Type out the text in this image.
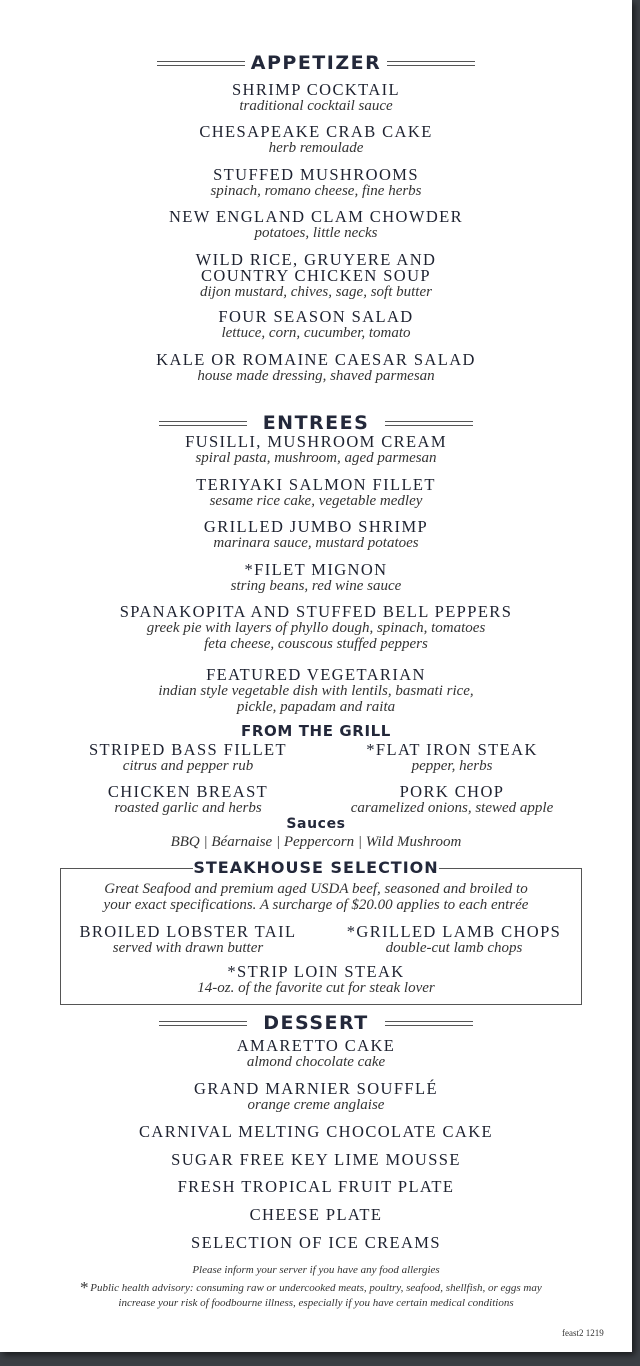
APPETIZER
SHRIMP COCKTAIL
traditional cocktail sauce
CHESAPEAKE CRAB CAKE
herb remoulade
STUFFED MUSHROOMS
spinach, romano cheese, fine herbs
NEW ENGLAND CLAM CHOWDER
potatoes, little necks
WILD RICE, GRUYERE AND
COUNTRY CHICKEN SOUP
dijon mustard, chives, sage, soft butter
FOUR SEASON SALAD
lettuce, corn, cucumber, tomato
KALE OR ROMAINE CAESAR SALAD
house made dressing, shaved parmesan
ENTREES
FUSILLI, MUSHROOM CREAM
spiral pasta, mushroom, aged parmesan
TERIYAKI SALMON FILLET
sesame rice cake, vegetable medley
GRILLED JUMBO SHRIMP
marinara sauce, mustard potatoes
*FILET MIGNON
string beans, red wine sauce
SPANAKOPITA AND STUFFED BELL PEPPERS
greek pie with layers of phyllo dough, spinach, tomatoes
feta cheese, couscous stuffed peppers
FEATURED VEGETARIAN
indian style vegetable dish with lentils, basmati rice,
pickle, papadam and raita
FROM THE GRILL
STRIPED BASS FILLET
citrus and pepper rub
*FLAT IRON STEAK
pepper, herbs
CHICKEN BREAST
roasted garlic and herbs
PORK CHOP
caramelized onions, stewed apple
Sauces
BBQ | Béarnaise | Peppercorn | Wild Mushroom
STEAKHOUSE SELECTION
Great Seafood and premium aged USDA beef, seasoned and broiled to
your exact specifications. A surcharge of $20.00 applies to each entrée
BROILED LOBSTER TAIL
served with drawn butter
*GRILLED LAMB CHOPS
double-cut lamb chops
*STRIP LOIN STEAK
14-oz. of the favorite cut for steak lover
DESSERT
AMARETTO CAKE
almond chocolate cake
GRAND MARNIER SOUFFLÉ
orange creme anglaise
CARNIVAL MELTING CHOCOLATE CAKE
SUGAR FREE KEY LIME MOUSSE
FRESH TROPICAL FRUIT PLATE
CHEESE PLATE
SELECTION OF ICE CREAMS
Please inform your server if you have any food allergies
* Public health advisory: consuming raw or undercooked meats, poultry, seafood, shellfish, or eggs may
increase your risk of foodbourne illness, especially if you have certain medical conditions
feast2 1219
